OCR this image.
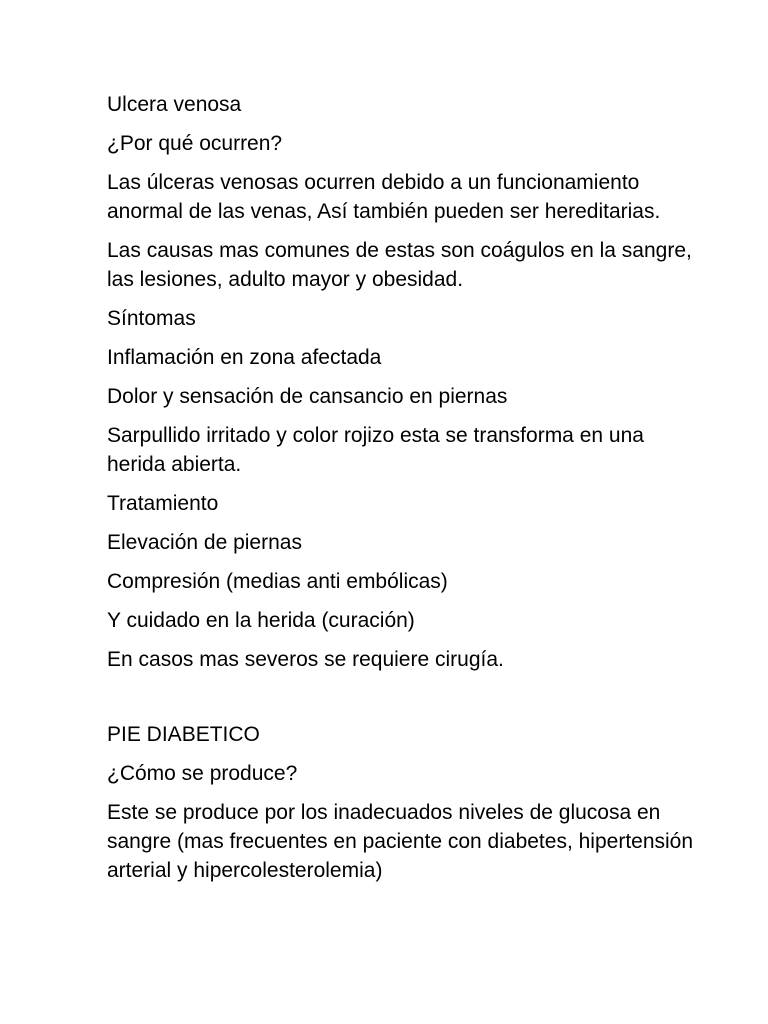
Ulcera venosa

¿Por qué ocurren?

Las úlceras venosas ocurren debido a un funcionamiento anormal de las venas, Así también pueden ser hereditarias.

Las causas mas comunes de estas son coágulos en la sangre, las lesiones, adulto mayor y obesidad.

Síntomas

Inflamación en zona afectada

Dolor y sensación de cansancio en piernas

Sarpullido irritado y color rojizo esta se transforma en una herida abierta.

Tratamiento

Elevación de piernas

Compresión (medias anti embólicas)

Y cuidado en la herida (curación)

En casos mas severos se requiere cirugía.

PIE DIABETICO

¿Cómo se produce?

Este se produce por los inadecuados niveles de glucosa en sangre (mas frecuentes en paciente con diabetes, hipertensión arterial y hipercolesterolemia)
